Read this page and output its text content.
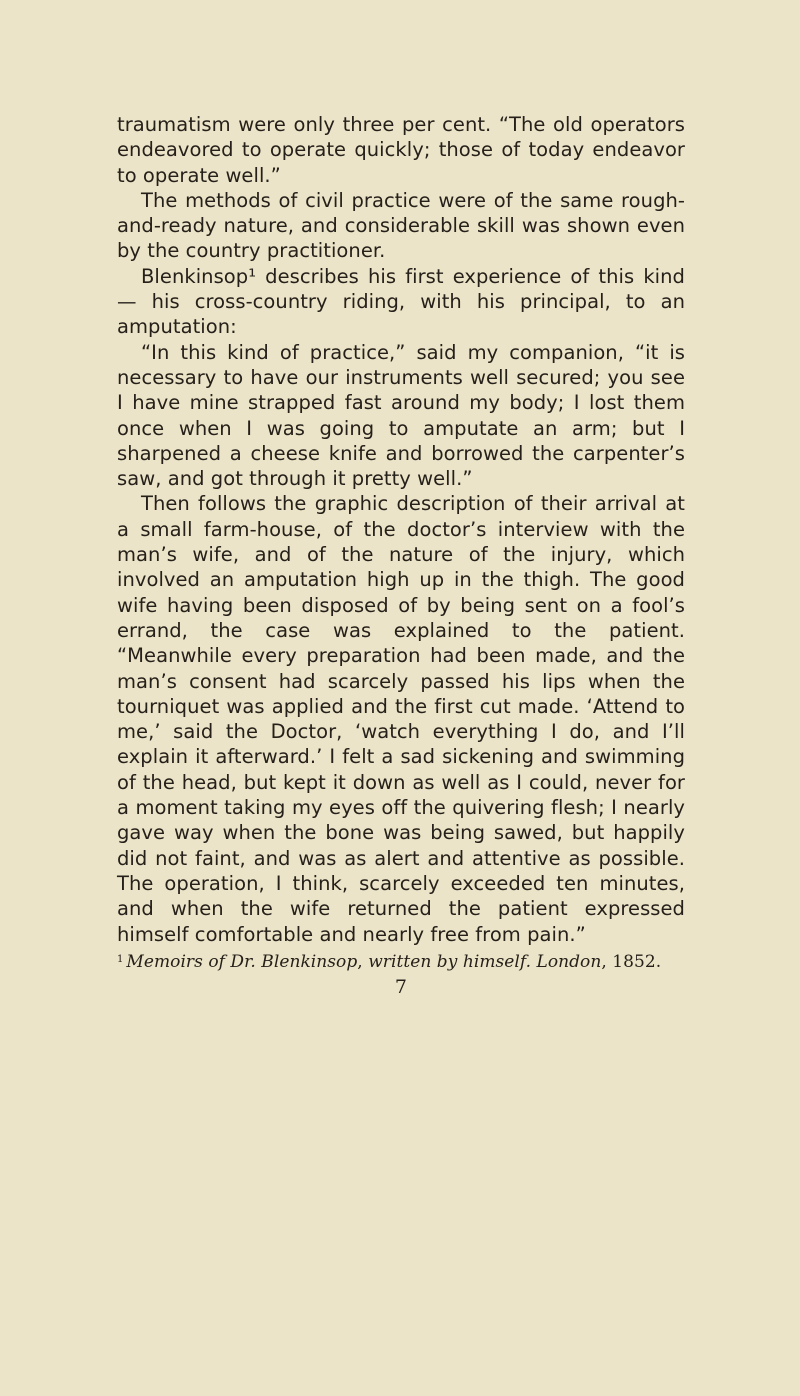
traumatism were only three per cent. “The old operators endeavored to operate quickly; those of today endeavor to operate well.”

The methods of civil practice were of the same rough-and-ready nature, and considerable skill was shown even by the country practitioner.

Blenkinsop¹ describes his first experience of this kind — his cross-country riding, with his principal, to an amputation:

“In this kind of practice,” said my companion, “it is necessary to have our instruments well secured; you see I have mine strapped fast around my body; I lost them once when I was going to amputate an arm; but I sharpened a cheese knife and borrowed the carpenter’s saw, and got through it pretty well.”

Then follows the graphic description of their arrival at a small farm-house, of the doctor’s interview with the man’s wife, and of the nature of the injury, which involved an amputation high up in the thigh. The good wife having been disposed of by being sent on a fool’s errand, the case was explained to the patient. “Meanwhile every preparation had been made, and the man’s consent had scarcely passed his lips when the tourniquet was applied and the first cut made. ‘Attend to me,’ said the Doctor, ‘watch everything I do, and I’ll explain it afterward.’ I felt a sad sickening and swimming of the head, but kept it down as well as I could, never for a moment taking my eyes off the quivering flesh; I nearly gave way when the bone was being sawed, but happily did not faint, and was as alert and attentive as possible. The operation, I think, scarcely exceeded ten minutes, and when the wife returned the patient expressed himself comfortable and nearly free from pain.”

$^1$ Memoirs of Dr. Blenkinsop, written by himself. London, 1852.
7
